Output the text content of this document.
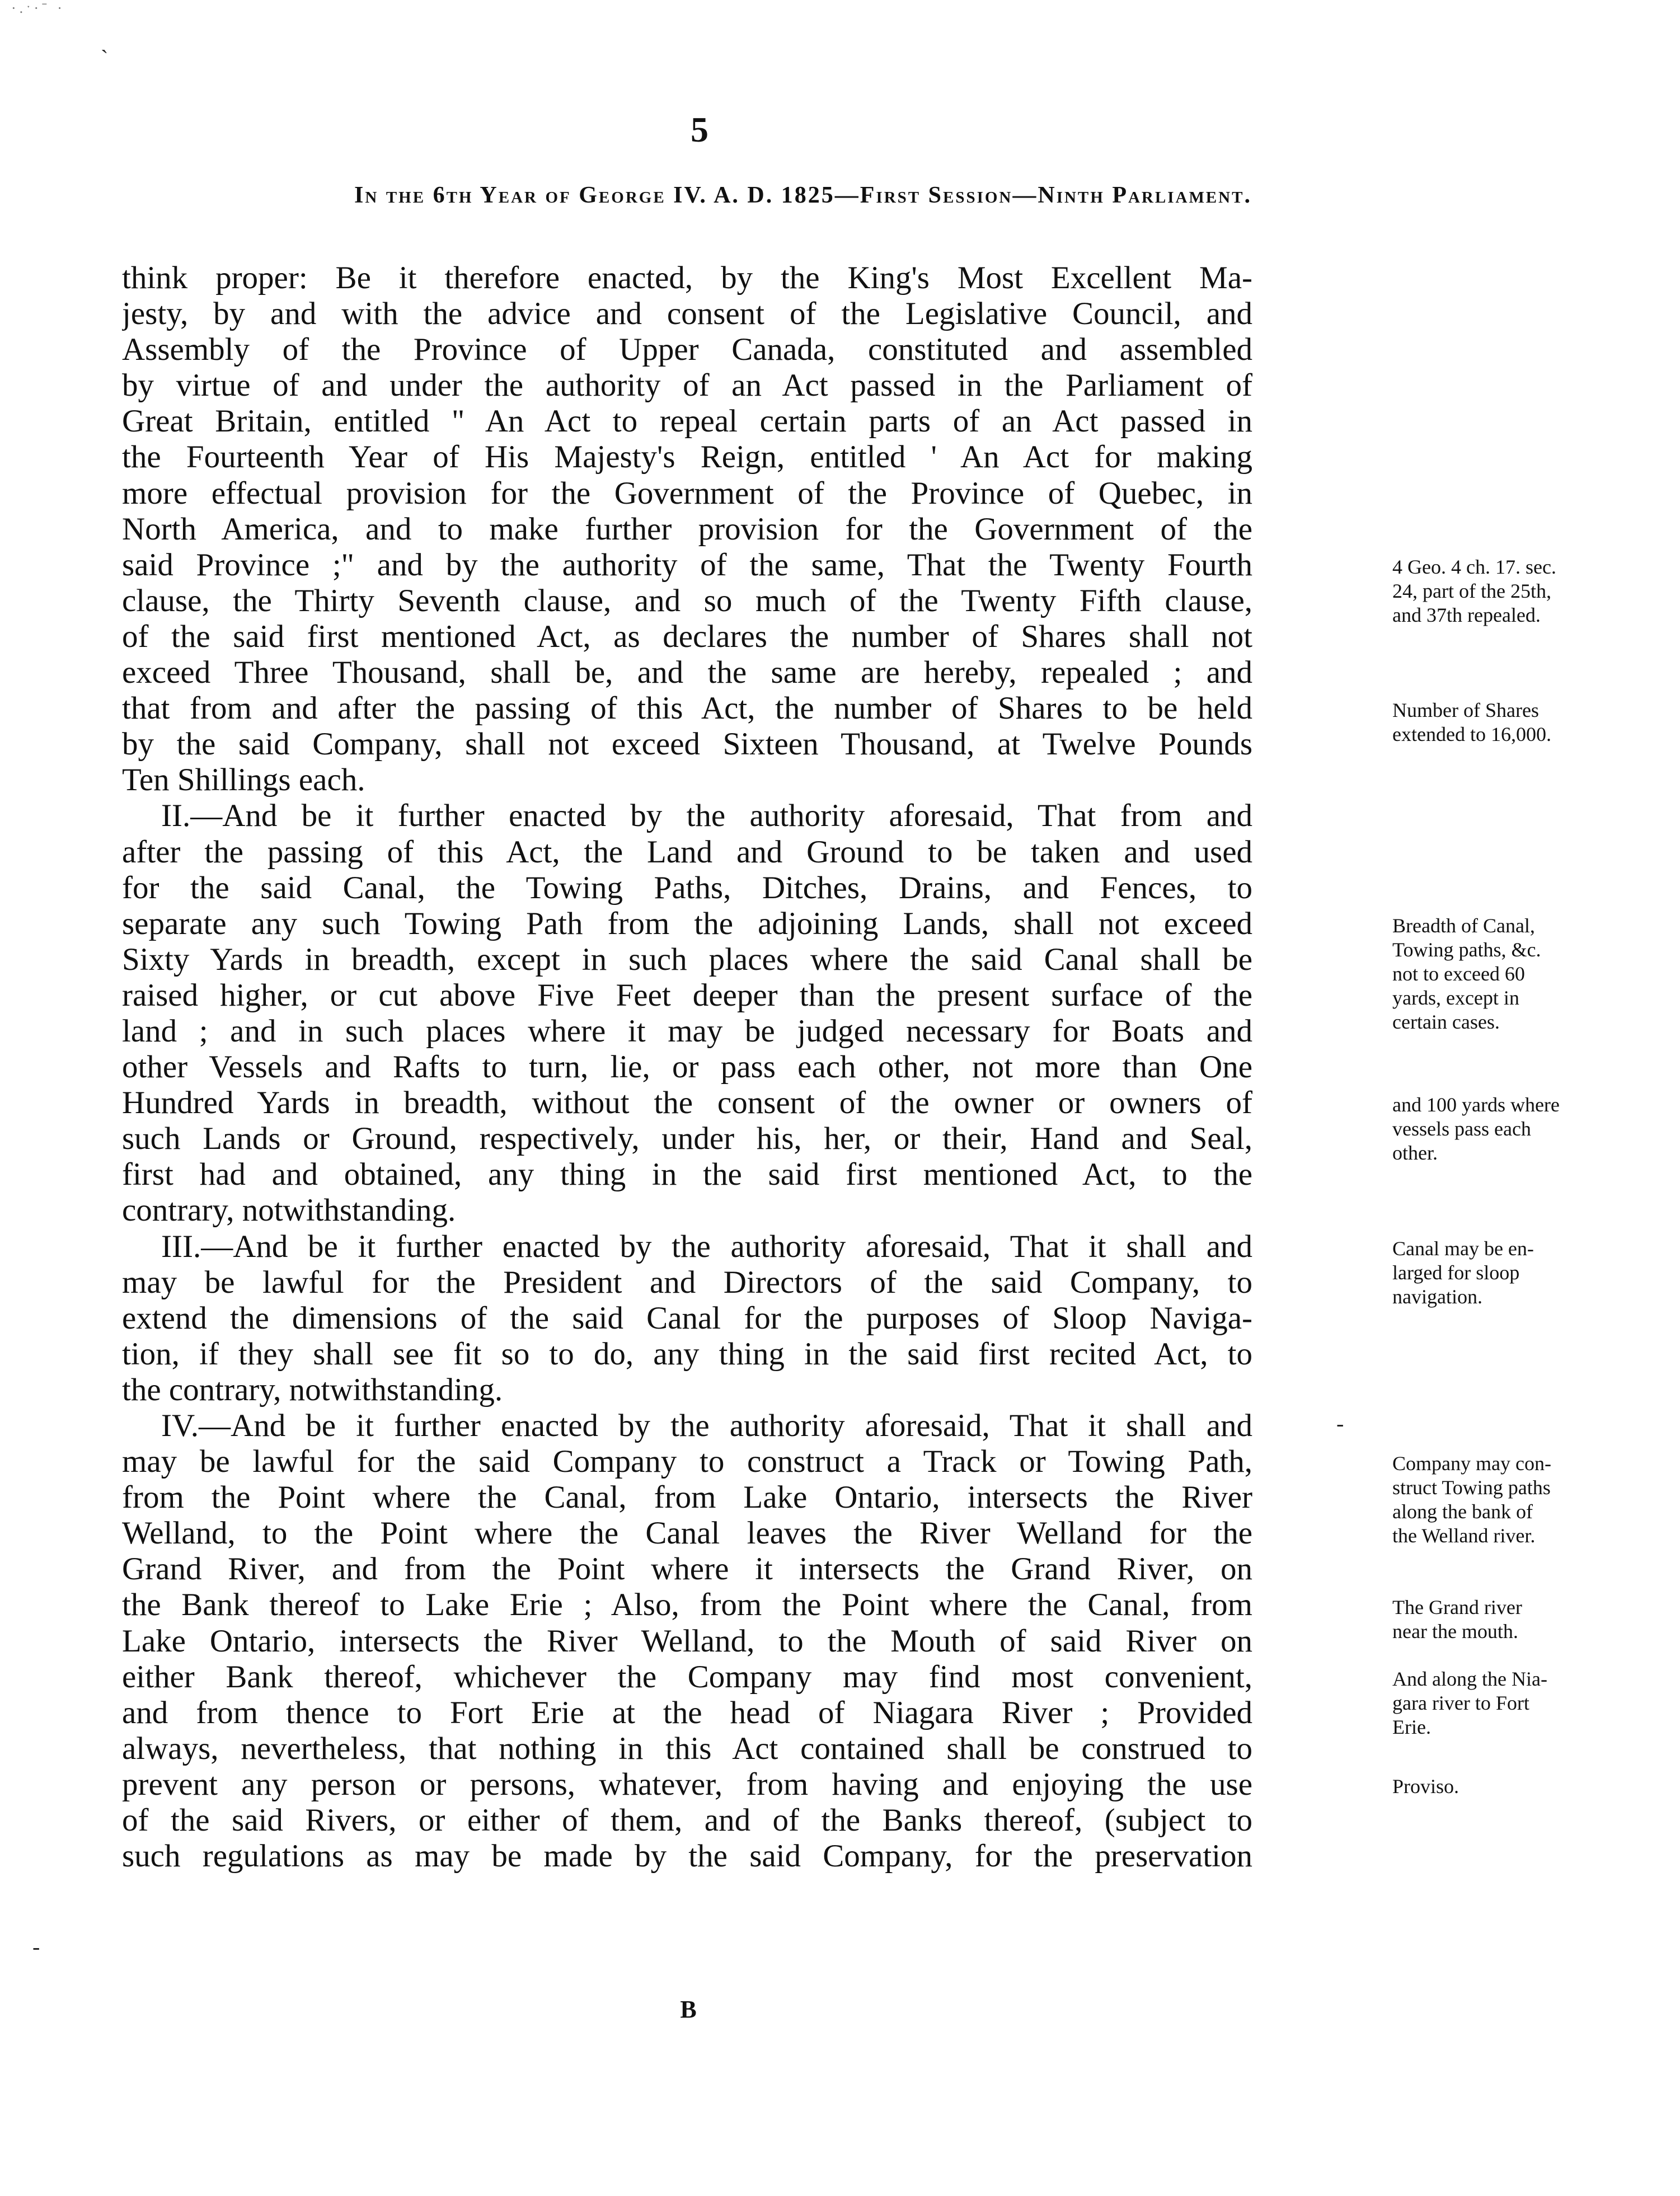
·.ˑ·ˉ ·
5
In the 6th Year of George IV. A. D. 1825—First Session—Ninth Parliament.
think proper: Be it therefore enacted, by the King's Most Excellent Ma-
jesty, by and with the advice and consent of the Legislative Council, and
Assembly of the Province of Upper Canada, constituted and assembled
by virtue of and under the authority of an Act passed in the Parliament of
Great Britain, entitled " An Act to repeal certain parts of an Act passed in
the Fourteenth Year of His Majesty's Reign, entitled ' An Act for making
more effectual provision for the Government of the Province of Quebec, in
North America, and to make further provision for the Government of the
said Province ;" and by the authority of the same, That the Twenty Fourth
clause, the Thirty Seventh clause, and so much of the Twenty Fifth clause,
of the said first mentioned Act, as declares the number of Shares shall not
exceed Three Thousand, shall be, and the same are hereby, repealed ; and
that from and after the passing of this Act, the number of Shares to be held
by the said Company, shall not exceed Sixteen Thousand, at Twelve Pounds
Ten Shillings each.
II.—And be it further enacted by the authority aforesaid, That from and
after the passing of this Act, the Land and Ground to be taken and used
for the said Canal, the Towing Paths, Ditches, Drains, and Fences, to
separate any such Towing Path from the adjoining Lands, shall not exceed
Sixty Yards in breadth, except in such places where the said Canal shall be
raised higher, or cut above Five Feet deeper than the present surface of the
land ; and in such places where it may be judged necessary for Boats and
other Vessels and Rafts to turn, lie, or pass each other, not more than One
Hundred Yards in breadth, without the consent of the owner or owners of
such Lands or Ground, respectively, under his, her, or their, Hand and Seal,
first had and obtained, any thing in the said first mentioned Act, to the
contrary, notwithstanding.
III.—And be it further enacted by the authority aforesaid, That it shall and
may be lawful for the President and Directors of the said Company, to
extend the dimensions of the said Canal for the purposes of Sloop Naviga-
tion, if they shall see fit so to do, any thing in the said first recited Act, to
the contrary, notwithstanding.
IV.—And be it further enacted by the authority aforesaid, That it shall and
may be lawful for the said Company to construct a Track or Towing Path,
from the Point where the Canal, from Lake Ontario, intersects the River
Welland, to the Point where the Canal leaves the River Welland for the
Grand River, and from the Point where it intersects the Grand River, on
the Bank thereof to Lake Erie ; Also, from the Point where the Canal, from
Lake Ontario, intersects the River Welland, to the Mouth of said River on
either Bank thereof, whichever the Company may find most convenient,
and from thence to Fort Erie at the head of Niagara River ; Provided
always, nevertheless, that nothing in this Act contained shall be construed to
prevent any person or persons, whatever, from having and enjoying the use
of the said Rivers, or either of them, and of the Banks thereof, (subject to
such regulations as may be made by the said Company, for the preservation
4 Geo. 4 ch. 17. sec.
24, part of the 25th,
and 37th repealed.
Number of Shares
extended to 16,000.
Breadth of Canal,
Towing paths, &c.
not to exceed 60
yards, except in
certain cases.
and 100 yards where
vessels pass each
other.
Canal may be en-
larged for sloop
navigation.
Company may con-
struct Towing paths
along the bank of
the Welland river.
The Grand river
near the mouth.
And along the Nia-
gara river to Fort
Erie.
Proviso.
B
ˋ
-
-
